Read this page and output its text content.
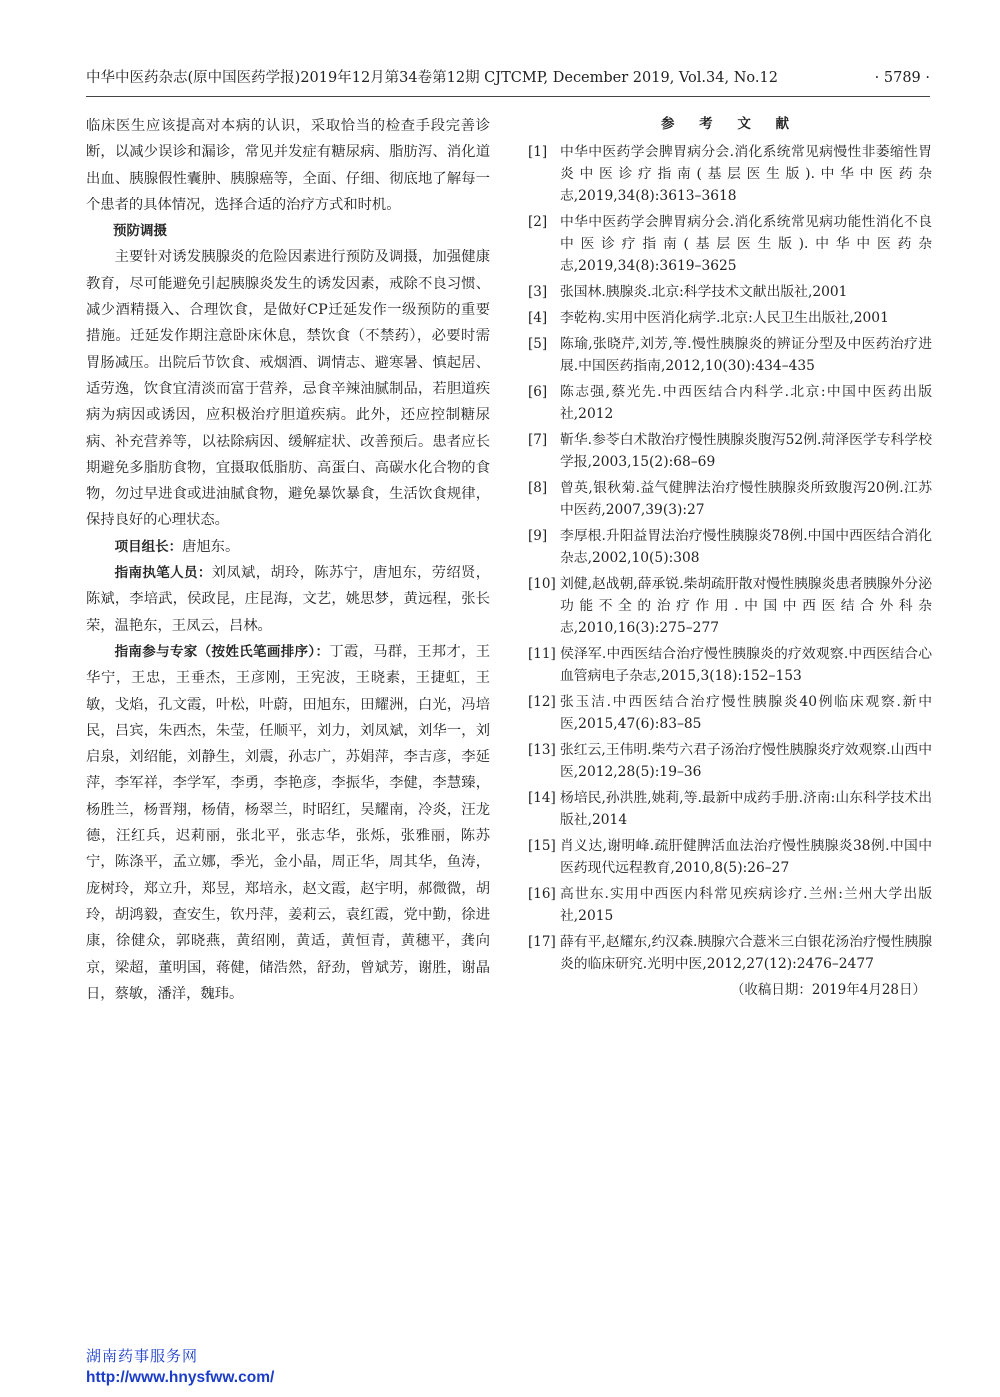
中华中医药杂志(原中国医药学报)2019年12月第34卷第12期 CJTCMP, December 2019, Vol.34, No.12	· 5789 ·

临床医生应该提高对本病的认识，采取恰当的检查手段完善诊断，以减少误诊和漏诊，常见并发症有糖尿病、脂肪泻、消化道出血、胰腺假性囊肿、胰腺癌等，全面、仔细、彻底地了解每一个患者的具体情况，选择合适的治疗方式和时机。

预防调摄

主要针对诱发胰腺炎的危险因素进行预防及调摄，加强健康教育，尽可能避免引起胰腺炎发生的诱发因素，戒除不良习惯、减少酒精摄入、合理饮食，是做好CP迁延发作一级预防的重要措施。迁延发作期注意卧床休息，禁饮食（不禁药），必要时需胃肠减压。出院后节饮食、戒烟酒、调情志、避寒暑、慎起居、适劳逸，饮食宜清淡而富于营养，忌食辛辣油腻制品，若胆道疾病为病因或诱因，应积极治疗胆道疾病。此外，还应控制糖尿病、补充营养等，以祛除病因、缓解症状、改善预后。患者应长期避免多脂肪食物，宜摄取低脂肪、高蛋白、高碳水化合物的食物，勿过早进食或进油腻食物，避免暴饮暴食，生活饮食规律，保持良好的心理状态。

项目组长：唐旭东。

指南执笔人员：刘凤斌，胡玲，陈苏宁，唐旭东，劳绍贤，陈斌，李培武，侯政昆，庄昆海，文艺，姚思梦，黄远程，张长荣，温艳东，王凤云，吕林。

指南参与专家（按姓氏笔画排序）：丁霞，马群，王邦才，王华宁，王忠，王垂杰，王彦刚，王宪波，王晓素，王捷虹，王敏，戈焰，孔文霞，叶松，叶蔚，田旭东，田耀洲，白光，冯培民，吕宾，朱西杰，朱莹，任顺平，刘力，刘凤斌，刘华一，刘启泉，刘绍能，刘静生，刘震，孙志广，苏娟萍，李吉彦，李延萍，李军祥，李学军，李勇，李艳彦，李振华，李健，李慧臻，杨胜兰，杨晋翔，杨倩，杨翠兰，时昭红，吴耀南，冷炎，汪龙德，汪红兵，迟莉丽，张北平，张志华，张烁，张雅丽，陈苏宁，陈涤平，孟立娜，季光，金小晶，周正华，周其华，鱼涛，庞树玲，郑立升，郑昱，郑培永，赵文霞，赵宇明，郝微微，胡玲，胡鸿毅，查安生，钦丹萍，姜莉云，袁红霞，党中勤，徐进康，徐健众，郭晓燕，黄绍刚，黄适，黄恒青，黄穗平，龚向京，梁超，董明国，蒋健，储浩然，舒劲，曾斌芳，谢胜，谢晶日，蔡敏，潘洋，魏玮。

参 考 文 献
[1] 中华中医药学会脾胃病分会.消化系统常见病慢性非萎缩性胃炎中医诊疗指南(基层医生版).中华中医药杂志,2019,34(8):3613–3618
[2] 中华中医药学会脾胃病分会.消化系统常见病功能性消化不良中医诊疗指南(基层医生版).中华中医药杂志,2019,34(8):3619–3625
[3] 张国林.胰腺炎.北京:科学技术文献出版社,2001
[4] 李乾构.实用中医消化病学.北京:人民卫生出版社,2001
[5] 陈瑜,张晓芹,刘芳,等.慢性胰腺炎的辨证分型及中医药治疗进展.中国医药指南,2012,10(30):434–435
[6] 陈志强,蔡光先.中西医结合内科学.北京:中国中医药出版社,2012
[7] 靳华.参苓白术散治疗慢性胰腺炎腹泻52例.菏泽医学专科学校学报,2003,15(2):68–69
[8] 曾英,银秋菊.益气健脾法治疗慢性胰腺炎所致腹泻20例.江苏中医药,2007,39(3):27
[9] 李厚根.升阳益胃法治疗慢性胰腺炎78例.中国中西医结合消化杂志,2002,10(5):308
[10] 刘健,赵战朝,薛承锐.柴胡疏肝散对慢性胰腺炎患者胰腺外分泌功能不全的治疗作用.中国中西医结合外科杂志,2010,16(3):275–277
[11] 侯泽军.中西医结合治疗慢性胰腺炎的疗效观察.中西医结合心血管病电子杂志,2015,3(18):152–153
[12] 张玉洁.中西医结合治疗慢性胰腺炎40例临床观察.新中医,2015,47(6):83–85
[13] 张红云,王伟明.柴芍六君子汤治疗慢性胰腺炎疗效观察.山西中医,2012,28(5):19–36
[14] 杨培民,孙洪胜,姚莉,等.最新中成药手册.济南:山东科学技术出版社,2014
[15] 肖义达,谢明峰.疏肝健脾活血法治疗慢性胰腺炎38例.中国中医药现代远程教育,2010,8(5):26–27
[16] 高世东.实用中西医内科常见疾病诊疗.兰州:兰州大学出版社,2015
[17] 薛有平,赵耀东,约汉森.胰腺穴合薏米三白银花汤治疗慢性胰腺炎的临床研究.光明中医,2012,27(12):2476–2477
（收稿日期：2019年4月28日）
湖南药事服务网
http://www.hnysfww.com/
